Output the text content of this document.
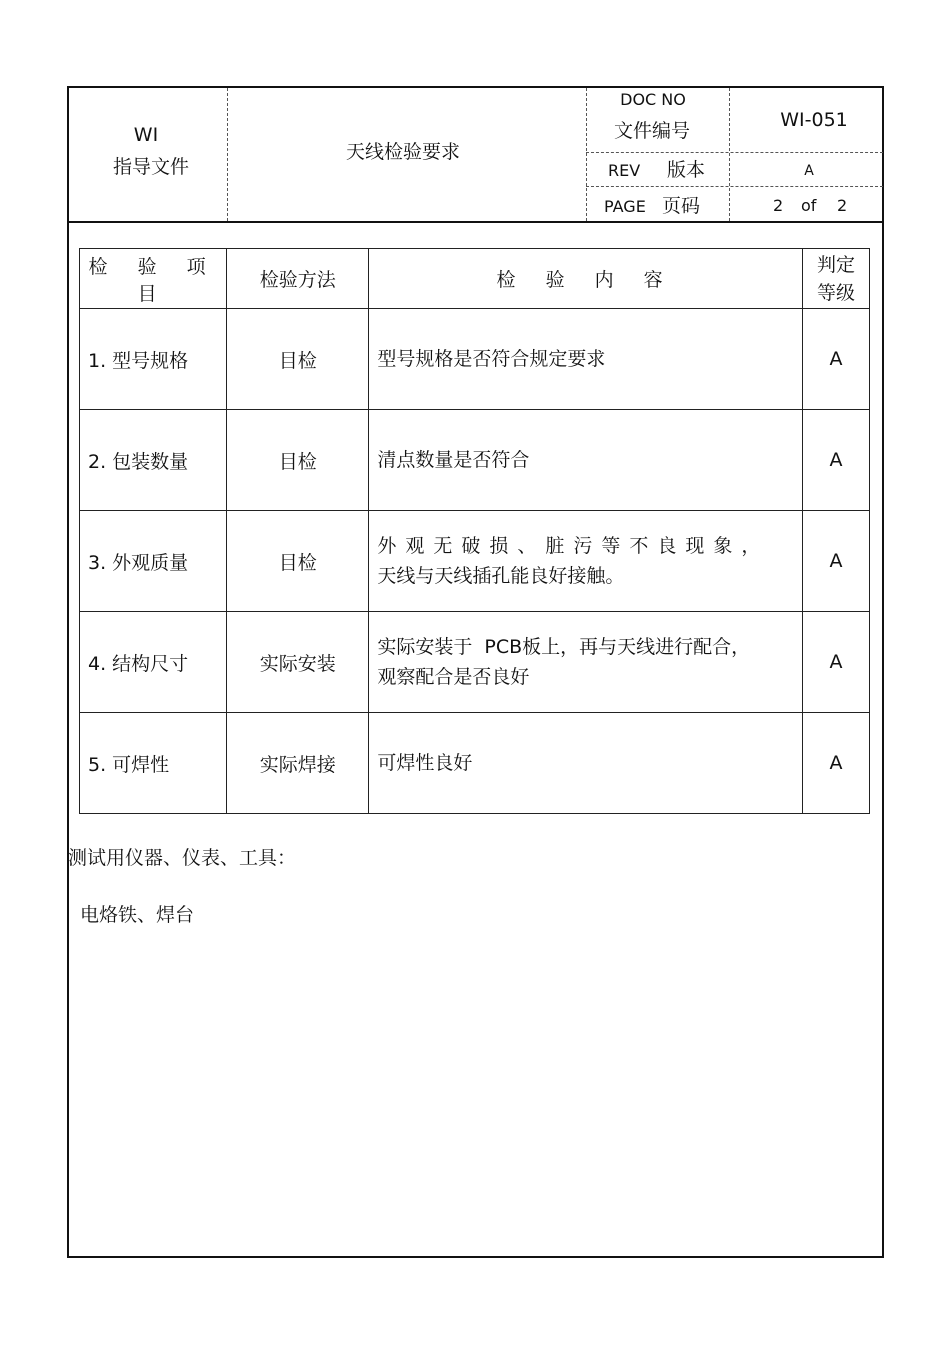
WI
指导文件
天线检验要求
DOC NO
文件编号	WI-051
REV 版本	A
PAGE 页码	2 of 2
检 验 项 目	检验方法	检 验 内 容	判定
等级

1. 型号规格	目检	型号规格是否符合规定要求	A
2. 包装数量	目检	清点数量是否符合	A
3. 外观质量	目检	外观无破损、脏污等不良现象，
天线与天线插孔能良好接触。	A
4. 结构尺寸	实际安装	实际安装于  PCB板上，再与天线进行配合，
观察配合是否良好	A
5. 可焊性	实际焊接	可焊性良好	A
测试用仪器、仪表、工具：
电烙铁、焊台
